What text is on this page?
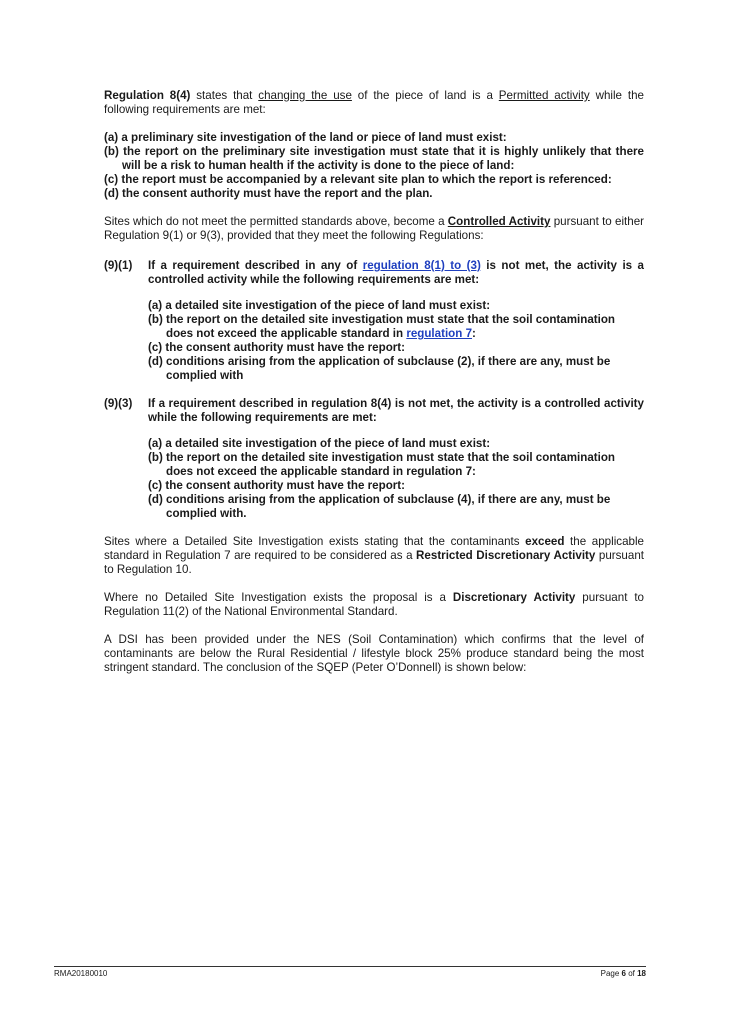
Regulation 8(4) states that changing the use of the piece of land is a Permitted activity while the following requirements are met:

(a) a preliminary site investigation of the land or piece of land must exist:

(b) the report on the preliminary site investigation must state that it is highly unlikely that there will be a risk to human health if the activity is done to the piece of land:

(c) the report must be accompanied by a relevant site plan to which the report is referenced:

(d) the consent authority must have the report and the plan.

Sites which do not meet the permitted standards above, become a Controlled Activity pursuant to either Regulation 9(1) or 9(3), provided that they meet the following Regulations:

(9)(1)	If a requirement described in any of regulation 8(1) to (3) is not met, the activity is a controlled activity while the following requirements are met:

(a) a detailed site investigation of the piece of land must exist:

(b) the report on the detailed site investigation must state that the soil contamination does not exceed the applicable standard in regulation 7:

(c) the consent authority must have the report:

(d) conditions arising from the application of subclause (2), if there are any, must be complied with

(9)(3)	If a requirement described in regulation 8(4) is not met, the activity is a controlled activity while the following requirements are met:

(a) a detailed site investigation of the piece of land must exist:

(b) the report on the detailed site investigation must state that the soil contamination does not exceed the applicable standard in regulation 7:

(c) the consent authority must have the report:

(d) conditions arising from the application of subclause (4), if there are any, must be complied with.

Sites where a Detailed Site Investigation exists stating that the contaminants exceed the applicable standard in Regulation 7 are required to be considered as a Restricted Discretionary Activity pursuant to Regulation 10.

Where no Detailed Site Investigation exists the proposal is a Discretionary Activity pursuant to Regulation 11(2) of the National Environmental Standard.

A DSI has been provided under the NES (Soil Contamination) which confirms that the level of contaminants are below the Rural Residential / lifestyle block 25% produce standard being the most stringent standard. The conclusion of the SQEP (Peter O’Donnell) is shown below:

RMA20180010	Page 6 of 18
